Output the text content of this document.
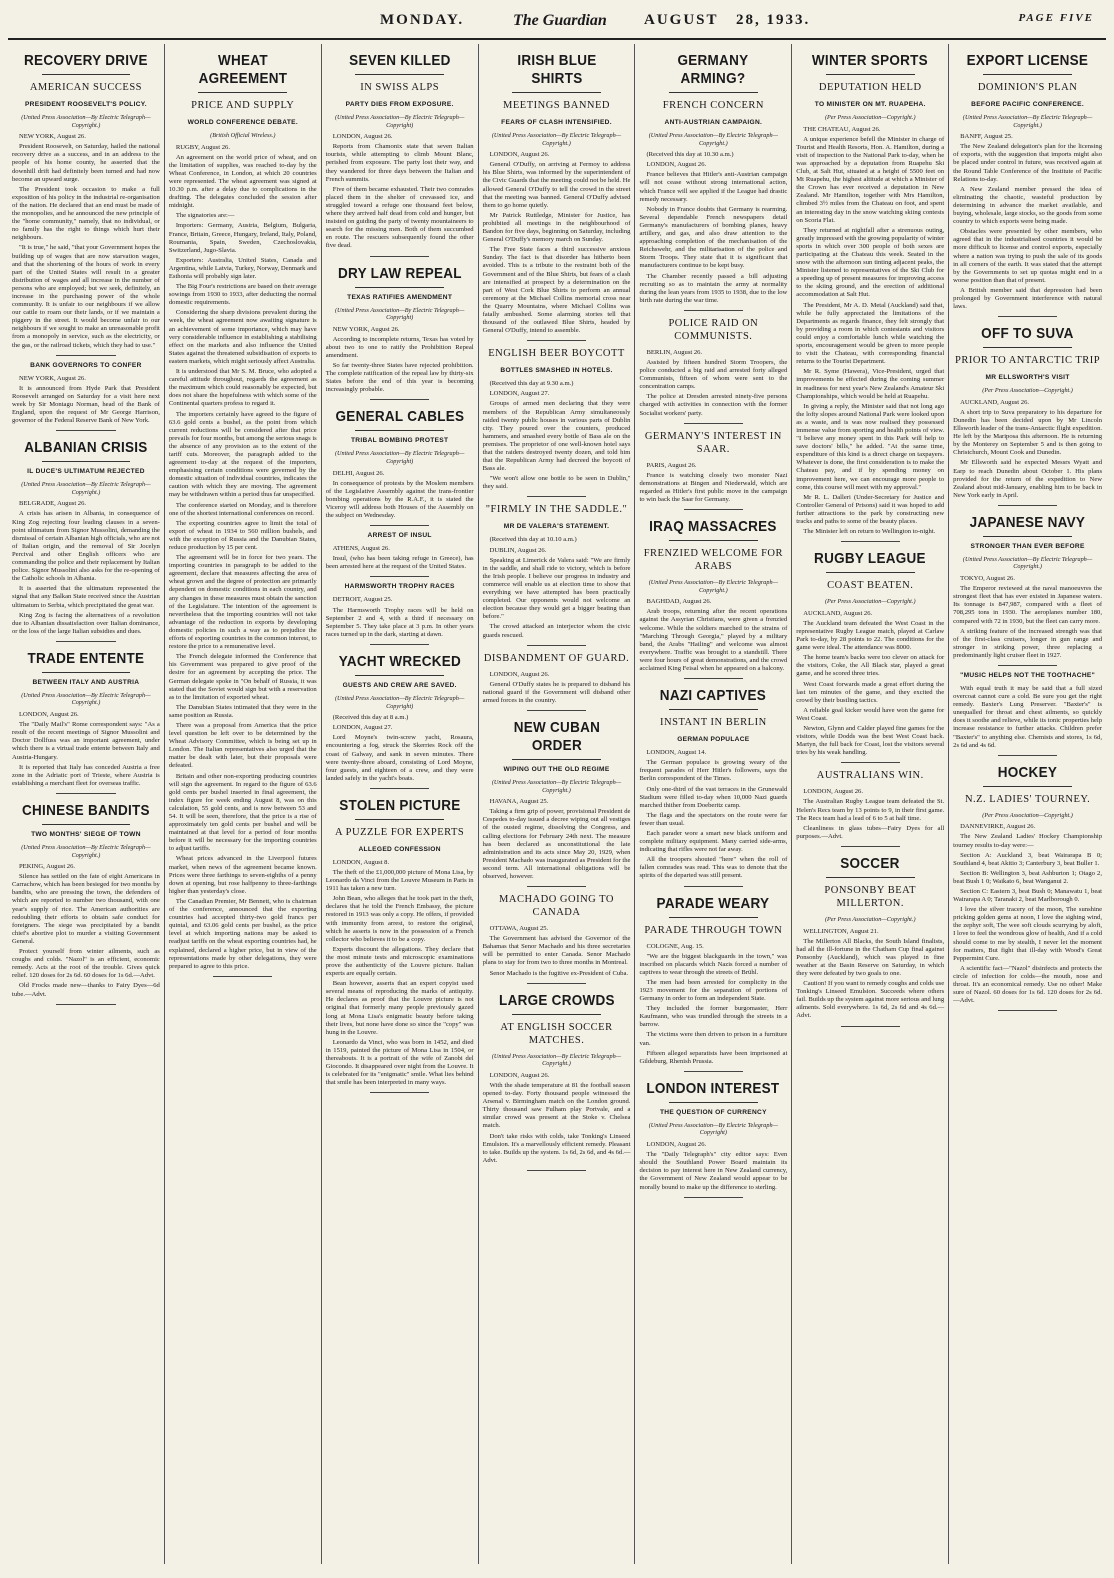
MONDAY.	The Guardian AUGUST 28, 1933.	PAGE FIVE
RECOVERY DRIVE
AMERICAN SUCCESS
PRESIDENT ROOSEVELT'S POLICY.
(United Press Association—By Electric Telegraph—Copyright.)

NEW YORK, August 26.

President Roosevelt, on Saturday, hailed the national recovery drive as a success, and in an address to the people of his home county, he asserted that the downhill drift had definitely been turned and had now become an upward surge.

The President took occasion to make a full exposition of his policy in the industrial re-organisation of the nation. He declared that an end must be made of the monopolies, and he announced the new principle of the "home community," namely, that no individual, or no family has the right to things which hurt their neighbours.

"It is true," he said, "that your Government hopes the building up of wages that are now starvation wages, and that the shortening of the hours of work in every part of the United States will result in a greater distribution of wages and all increase in the number of persons who are employed; but we seek, definitely, an increase in the purchasing power of the whole community. It is unfair to our neighbours if we allow our cattle to roam our their lands, or if we maintain a piggery in the street. It would become unfair to our neighbours if we sought to make an unreasonable profit from a monopoly in service, such as the electricity, or the gas, or the railroad tickets, which they had to use."

BANK GOVERNORS TO CONFER

NEW YORK, August 26.

It is announced from Hyde Park that President Roosevelt arranged on Saturday for a visit here next week by Sir Montagu Norman, head of the Bank of England, upon the request of Mr George Harrison, governor of the Federal Reserve Bank of New York.

ALBANIAN CRISIS
IL DUCE'S ULTIMATUM REJECTED
(United Press Association—By Electric Telegraph—Copyright.)

BELGRADE, August 26.

A crisis has arisen in Albania, in consequence of King Zog rejecting four leading clauses in a seven-point ultimatum from Signor Mussolini, demanding the dismissal of certain Albanian high officials, who are not of Italian origin, and the removal of Sir Jocelyn Percival and other English officers who are commanding the police and their replacement by Italian police. Signor Mussolini also asks for the re-opening of the Catholic schools in Albania.

It is asserted that the ultimatum represented the signal that any Balkan State received since the Austrian ultimatum to Serbia, which precipitated the great war.

King Zog is facing the alternatives of a revolution due to Albanian dissatisfaction over Italian dominance, or the loss of the large Italian subsidies and dues.

TRADE ENTENTE
BETWEEN ITALY AND AUSTRIA
(United Press Association—By Electric Telegraph—Copyright.)

LONDON, August 26.

The "Daily Mail's" Rome correspondent says: "As a result of the recent meetings of Signor Mussolini and Doctor Dollfuss was an important agreement, under which there is a virtual trade entente between Italy and Austria-Hungary.

It is reported that Italy has conceded Austria a free zone in the Adriatic port of Trieste, where Austria is establishing a merchant fleet for overseas traffic.

CHINESE BANDITS
TWO MONTHS' SIEGE OF TOWN
(United Press Association—By Electric Telegraph—Copyright.)

PEKING, August 26.

Silence has settled on the fate of eight Americans in Carrachow, which has been besieged for two months by bandits, who are pressing the town, the defenders of which are reported to number two thousand, with one year's supply of rice. The American authorities are redoubling their efforts to obtain safe conduct for foreigners. The siege was precipitated by a bandit chief's abortive plot to murder a visiting Government General.

Protect yourself from winter ailments, such as coughs and colds. "Nazol" is an efficient, economic remedy. Acts at the root of the trouble. Gives quick relief. 120 doses for 2s 6d. 60 doses for 1s 6d.—Advt.

Old Frocks made new—thanks to Fairy Dyes—6d tube.—Advt.

WHEAT AGREEMENT
PRICE AND SUPPLY
WORLD CONFERENCE DEBATE.
(British Official Wireless.)

RUGBY, August 26.

An agreement on the world price of wheat, and on the limitation of supplies, was reached to-day by the Wheat Conference, in London, at which 20 countries were represented. The wheat agreement was signed at 10.30 p.m. after a delay due to complications in the drafting. The delegates concluded the session after midnight.

The signatories are:—

Importers: Germany, Austria, Belgium, Bulgaria, France, Britain, Greece, Hungary, Ireland, Italy, Poland, Roumania, Spain, Sweden, Czechoslovakia, Switzerland, Jugo-Slavia.

Exporters: Australia, United States, Canada and Argentina, while Latvia, Turkey, Norway, Denmark and Esthonia will probably sign later.

The Big Four's restrictions are based on their average sowings from 1930 to 1933, after deducting the normal domestic requirements.

Considering the sharp divisions prevalent during the week, the wheat agreement now awaiting signature is an achievement of some importance, which may have very considerable influence in establishing a stabilising effect on the markets and also influence the United States against the threatened subsidisation of exports to eastern markets, which might seriously affect Australia.

It is understood that Mr S. M. Bruce, who adopted a careful attitude throughout, regards the agreement as the maximum which could reasonably be expected, but does not share the hopefulness with which some of the Continental quarters profess to regard it.

The importers certainly have agreed to the figure of 63.6 gold cents a bushel, as the point from which current reductions will be considered after that price prevails for four months, but among the serious snags is the absence of any provision as to the extent of the tariff cuts. Moreover, the paragraph added to the agreement to-day at the request of the importers, emphasising certain conditions were governed by the domestic situation of individual countries, indicates the caution with which they are moving. The agreement may be withdrawn within a period thus far unspecified.

The conference started on Monday, and is therefore one of the shortest international conferences on record.

The exporting countries agree to limit the total of export of wheat in 1934 to 560 million bushels, and with the exception of Russia and the Danubian States, reduce production by 15 per cent.

The agreement will be in force for two years. The importing countries in paragraph to be added to the agreement, declare that measures affecting the area of wheat grown and the degree of protection are primarily dependent on domestic conditions in each country, and any changes in these measures must obtain the sanction of the Legislature. The intention of the agreement is nevertheless that the importing countries will not take advantage of the reduction in exports by developing domestic policies in such a way as to prejudice the efforts of exporting countries in the common interest, to restore the price to a remunerative level.

The French delegate informed the Conference that his Government was prepared to give proof of the desire for an agreement by accepting the price. The German delegate spoke in "On behalf of Russia, it was stated that the Soviet would sign but with a reservation as to the limitation of exported wheat.

The Danubian States intimated that they were in the same position as Russia.

There was a proposal from America that the price level question be left over to be determined by the Wheat Advisory Committee, which is being set up in London. The Italian representatives also urged that the matter be dealt with later, but their proposals were defeated.

Britain and other non-exporting producing countries will sign the agreement. In regard to the figure of 63.6 gold cents per bushel inserted in final agreement, the index figure for week ending August 8, was on this calculation, 55 gold cents, and is now between 53 and 54. It will be seen, therefore, that the price is a rise of approximately ten gold cents per bushel and will be maintained at that level for a period of four months before it will be necessary for the importing countries to adjust tariffs.

Wheat prices advanced in the Liverpool futures market, when news of the agreement became known. Prices were three farthings to seven-eighths of a penny down at opening, but rose halfpenny to three-farthings higher than yesterday's close.

The Canadian Premier, Mr Bennett, who is chairman of the conference, announced that the exporting countries had accepted thirty-two gold francs per quintal, and 63.06 gold cents per bushel, as the price level at which importing nations may be asked to readjust tariffs on the wheat exporting countries had, he explained, declared a higher price, but in view of the representations made by other delegations, they were prepared to agree to this price.

SEVEN KILLED
IN SWISS ALPS
PARTY DIES FROM EXPOSURE.
(United Press Association—By Electric Telegraph—Copyright)

LONDON, August 26.

Reports from Chamonix state that seven Italian tourists, while attempting to climb Mount Blanc, perished from exposure. The party lost their way, and they wandered for three days between the Italian and French summits.

Five of them became exhausted. Their two comrades placed them in the shelter of crevassed ice, and struggled toward a refuge one thousand feet below, where they arrived half dead from cold and hunger, but insisted on guiding the party of twenty mountaineers to search for the missing men. Both of them succumbed en route. The rescuers subsequently found the other five dead.

DRY LAW REPEAL
TEXAS RATIFIES AMENDMENT
(United Press Association—By Electric Telegraph—Copyright)

NEW YORK, August 26.

According to incomplete returns, Texas has voted by about two to one to ratify the Prohibition Repeal amendment.

So far twenty-three States have rejected prohibition. The complete ratification of the repeal law by thirty-six States before the end of this year is becoming increasingly probable.

GENERAL CABLES
TRIBAL BOMBING PROTEST
(United Press Association—By Electric Telegraph—Copyright)

DELHI, August 26.

In consequence of protests by the Moslem members of the Legislative Assembly against the trans-frontier bombing operations by the R.A.F., it is stated the Viceroy will address both Houses of the Assembly on the subject on Wednesday.

ARREST OF INSUL

ATHENS, August 26.

Insul, (who has been taking refuge in Greece), has been arrested here at the request of the United States.

HARMSWORTH TROPHY RACES

DETROIT, August 25.

The Harmsworth Trophy races will be held on September 2 and 4, with a third if necessary on September 5. They take place at 3 p.m. In other years races turned up in the dark, starting at dawn.

YACHT WRECKED
GUESTS AND CREW ARE SAVED.
(United Press Association—By Electric Telegraph—Copyright)

(Received this day at 8 a.m.)

LONDON, August 27.

Lord Moyne's twin-screw yacht, Rosaura, encountering a fog, struck the Skerries Rock off the coast of Galway, and sank in seven minutes. There were twenty-three aboard, consisting of Lord Moyne, four guests, and eighteen of a crew, and they were landed safely in the yacht's boats.

STOLEN PICTURE
A PUZZLE FOR EXPERTS
ALLEGED CONFESSION

LONDON, August 8.

The theft of the £1,000,000 picture of Mona Lisa, by Leonardo da Vinci from the Louvre Museum in Paris in 1911 has taken a new turn.

John Bean, who alleges that he took part in the theft, declares that he told the French Embassy, the picture restored in 1913 was only a copy. He offers, if provided with immunity from arrest, to restore the original, which he asserts is now in the possession of a French collector who believes it to be a copy.

Experts discount the allegations. They declare that the most minute tests and microscopic examinations prove the authenticity of the Louvre picture. Italian experts are equally certain.

Bean however, asserts that an expert copyist used several means of reproducing the marks of antiquity. He declares as proof that the Louvre picture is not original that formerly many people previously gazed long at Mona Lisa's enigmatic beauty before taking their lives, but none have done so since the "copy" was hung in the Louvre.

Leonardo da Vinci, who was born in 1452, and died in 1519, painted the picture of Mona Lisa in 1504, or thereabouts. It is a portrait of the wife of Zanobi del Giocondo. It disappeared over night from the Louvre. It is celebrated for its "enigmatic" smile. What lies behind that smile has been interpreted in many ways.

IRISH BLUE SHIRTS
MEETINGS BANNED
FEARS OF CLASH INTENSIFIED.
(United Press Association—By Electric Telegraph—Copyright.)

LONDON, August 26.

General O'Duffy, on arriving at Fermoy to address his Blue Shirts, was informed by the superintendent of the Civic Guards that the meeting could not be held. He allowed General O'Duffy to tell the crowd in the street that the meeting was banned. General O'Duffy advised them to go home quietly.

Mr Patrick Ruttledge, Minister for Justice, has prohibited all meetings in the neighbourhood of Bandon for five days, beginning on Saturday, including General O'Duffy's memory march on Sunday.

The Free State faces a third successive anxious Sunday. The fact is that disorder has hitherto been avoided. This is a tribute to the restraint both of the Government and of the Blue Shirts, but fears of a clash are intensified at prospect by a determination on the part of West Cork Blue Shirts to perform an annual ceremony at the Michael Collins memorial cross near the Quarry Mountains, where Michael Collins was fatally ambushed. Some alarming stories tell that thousand of the outlawed Blue Shirts, headed by General O'Duffy, intend to assemble.

ENGLISH BEER BOYCOTT
BOTTLES SMASHED IN HOTELS.

(Received this day at 9.30 a.m.)

LONDON, August 27.

Groups of armed men declaring that they were members of the Republican Army simultaneously raided twenty public houses in various parts of Dublin city. They poured over the counters, produced hammers, and smashed every bottle of Bass ale on the premises. The proprietor of one well-known hotel says that the raiders destroyed twenty dozen, and told him that the Republican Army had decreed the boycott of Bass ale.

"We won't allow one bottle to be seen in Dublin," they said.

"FIRMLY IN THE SADDLE."
MR DE VALERA'S STATEMENT.

(Received this day at 10.10 a.m.)

DUBLIN, August 26.

Speaking at Limerick de Valera said: "We are firmly in the saddle, and shall ride to victory, which is before the Irish people. I believe our progress in industry and commerce will enable us at election time to show that everything we have attempted has been practically completed. Our opponents would not welcome an election because they would get a bigger beating than before."

The crowd attacked an interjector whom the civic guards rescued.

DISBANDMENT OF GUARD.

LONDON, August 26.

General O'Duffy states he is prepared to disband his national guard if the Government will disband other armed forces in the country.

NEW CUBAN ORDER
WIPING OUT THE OLD REGIME
(United Press Association—By Electric Telegraph—Copyright.)

HAVANA, August 25.

Taking a firm grip of power, provisional President de Cespedes to-day issued a decree wiping out all vestiges of the ousted regime, dissolving the Congress, and calling elections for February 24th next. The measure has been declared as unconstitutional the late administration and its acts since May 20, 1929, when President Machado was inaugurated as President for the second term. All international obligations will be observed, however.

MACHADO GOING TO CANADA

OTTAWA, August 25.

The Government has advised the Governor of the Bahamas that Senor Machado and his three secretaries will be permitted to enter Canada. Senor Machado plans to stay for from two to three months in Montreal.

Senor Machado is the fugitive ex-President of Cuba.

LARGE CROWDS
AT ENGLISH SOCCER MATCHES.
(United Press Association—By Electric Telegraph—Copyright.)

LONDON, August 26.

With the shade temperature at 81 the football season opened to-day. Forty thousand people witnessed the Arsenal v. Birmingham match on the London ground. Thirty thousand saw Fulham play Portvale, and a similar crowd was present at the Stoke v. Chelsea match.

Don't take risks with colds, take Tonking's Linseed Emulsion. It's a marvellously efficient remedy. Pleasant to take. Builds up the system. 1s 6d, 2s 6d, and 4s 6d.—Advt.

GERMANY ARMING?
FRENCH CONCERN
ANTI-AUSTRIAN CAMPAIGN.
(United Press Association—By Electric Telegraph—Copyright.)

(Received this day at 10.30 a.m.)

LONDON, August 26.

France believes that Hitler's anti-Austrian campaign will not cease without strong international action, which France will see applied if the League had drastic remedy necessary.

Nobody in France doubts that Germany is rearming. Several dependable French newspapers detail Germany's manufacturers of bombing planes, heavy artillery, and gas, and also draw attention to the approaching completion of the mechanisation of the Reichswehr, and the militarisation of the police and Storm Troops. They state that it is significant that manufacturers continue to be kept busy.

The Chamber recently passed a bill adjusting recruiting so as to maintain the army at normality during the lean years from 1935 to 1938, due to the low birth rate during the war time.

POLICE RAID ON COMMUNISTS.

BERLIN, August 26.

Assisted by fifteen hundred Storm Troopers, the police conducted a big raid and arrested forty alleged Communists, fifteen of whom were sent to the concentration camps.

The police at Dresden arrested ninety-five persons charged with activities in connection with the former Socialist workers' party.

GERMANY'S INTEREST IN SAAR.

PARIS, August 26.

France is watching closely two monster Nazi demonstrations at Bingen and Niederwald, which are regarded as Hitler's first public move in the campaign to win back the Saar for Germany.

IRAQ MASSACRES
FRENZIED WELCOME FOR ARABS
(United Press Association—By Electric Telegraph—Copyright.)

BAGHDAD, August 26.

Arab troops, returning after the recent operations against the Assyrian Christians, were given a frenzied welcome. While the soldiers marched to the strains of "Marching Through Georgia," played by a military band, the Arabs "Hailing" and welcome was almost everywhere. Traffic was brought to a standstill. There were four hours of great demonstrations, and the crowd acclaimed King Feisal when he appeared on a balcony.

NAZI CAPTIVES
INSTANT IN BERLIN
GERMAN POPULACE

LONDON, August 14.

The German populace is growing weary of the frequent parades of Herr Hitler's followers, says the Berlin correspondent of the Times.

Only one-third of the vast terraces in the Grunewald Stadium were filled to-day when 10,000 Nazi guards marched thither from Doeberitz camp.

The flags and the spectators on the route were far fewer than usual.

Each parader wore a smart new black uniform and complete military equipment. Many carried side-arms, indicating that rifles were not far away.

All the troopers shouted "here" when the roll of fallen comrades was read. This was to denote that the spirits of the departed was still present.

PARADE WEARY
PARADE THROUGH TOWN

COLOGNE, Aug. 15.

"We are the biggest blackguards in the town," was inscribed on placards which Nazis forced a number of captives to wear through the streets of Brühl.

The men had been arrested for complicity in the 1923 movement for the separation of portions of Germany in order to form an independent State.

They included the former burgomaster, Herr Kaufmann, who was trundled through the streets in a barrow.

The victims were then driven to prison in a furniture van.

Fifteen alleged separatists have been imprisoned at Gildeburg, Rhenish Prussia.

LONDON INTEREST
THE QUESTION OF CURRENCY
(United Press Association—By Electric Telegraph—Copyright)

LONDON, August 26.

The "Daily Telegraph's" city editor says: Even should the Southland Power Board maintain its decision to pay interest here in New Zealand currency, the Government of New Zealand would appear to be morally bound to make up the difference to sterling.

WINTER SPORTS
DEPUTATION HELD
TO MINISTER ON MT. RUAPEHA.
(Per Press Association—Copyright.)

THE CHATEAU, August 26.

A unique experience befell the Minister in charge of Tourist and Health Resorts, Hon. A. Hamilton, during a visit of inspection to the National Park to-day, when he was approached by a deputation from Ruapehu Ski Club, at Salt Hut, situated at a height of 5500 feet on Mt Ruapehu, the highest altitude at which a Minister of the Crown has ever received a deputation in New Zealand. Mr Hamilton, together with Mrs Hamilton, climbed 3½ miles from the Chateau on foot, and spent an interesting day in the snow watching skiing contests on Scoria Flat.

They returned at nightfall after a strenuous outing, greatly impressed with the growing popularity of winter sports in which over 300 people of both sexes are participating at the Chateau this week. Seated in the snow with the afternoon sun tinting adjacent peaks, the Minister listened to representatives of the Ski Club for a speeding up of present measures for improving access to the skiing ground, and the erection of additional accommodation at Salt Hut.

The President, Mr A. D. Metal (Auckland) said that, while he fully appreciated the limitations of the Departments as regards finance, they felt strongly that by providing a room in which contestants and visitors could enjoy a comfortable lunch while watching the sports, encouragement would be given to more people to visit the Chateau, with corresponding financial returns to the Tourist Department.

Mr R. Syme (Hawera), Vice-President, urged that improvements be effected during the coming summer in readiness for next year's New Zealand's Amateur Ski Championships, which would be held at Ruapehu.

In giving a reply, the Minister said that not long ago the lofty slopes around National Park were looked upon as a waste, and is was now realised they possessed immense value from sporting and health points of view. "I believe any money spent in this Park will help to save doctors' bills," he added. "At the same time, expenditure of this kind is a direct charge on taxpayers. Whatever is done, the first consideration is to make the Chateau pay, and if by spending money on improvement here, we can encourage more people to come, this course will meet with my approval."

Mr R. L. Dalleri (Under-Secretary for Justice and Controller General of Prisons) said it was hoped to add further attractions to the park by constructing new tracks and paths to some of the beauty places.

The Minister left on return to Wellington to-night.

RUGBY LEAGUE
COAST BEATEN.
(Per Press Association—Copyright.)

AUCKLAND, August 26.

The Auckland team defeated the West Coast in the representative Rugby League match, played at Carlaw Park to-day, by 28 points to 22. The conditions for the game were ideal. The attendance was 8000.

The home team's backs were too clever on attack for the visitors, Coke, the All Black star, played a great game, and he scored three tries.

West Coast forwards made a great effort during the last ten minutes of the game, and they excited the crowd by their bustling tactics.

A reliable goal kicker would have won the game for West Coast.

Newton, Glynn and Calder played fine games for the visitors, while Dodds was the best West Coast back. Martyn, the full back for Coast, lost the visitors several tries by his weak handling.

AUSTRALIANS WIN.

LONDON, August 26.

The Australian Rugby League team defeated the St. Helen's Recs team by 13 points to 9, in their first game. The Recs team had a lead of 6 to 5 at half time.

Cleanliness in glass tubes—Fairy Dyes for all purposes.—Advt.

SOCCER
PONSONBY BEAT MILLERTON.
(Per Press Association—Copyright.)

WELLINGTON, August 21.

The Millerton All Blacks, the South Island finalists, had all the ill-fortune in the Chatham Cup final against Ponsonby (Auckland), which was played in fine weather at the Basin Reserve on Saturday, in which they were defeated by two goals to one.

Caution! If you want to remedy coughs and colds use Tonking's Linseed Emulsion. Succeeds where others fail. Builds up the system against more serious and lung ailments. Sold everywhere. 1s 6d, 2s 6d and 4s 6d.—Advt.

EXPORT LICENSE
DOMINION'S PLAN
BEFORE PACIFIC CONFERENCE.
(United Press Association—By Electric Telegraph—Copyright.)

BANFF, August 25.

The New Zealand delegation's plan for the licensing of exports, with the suggestion that imports might also be placed under control in future, was received again at the Round Table Conference of the Institute of Pacific Relations to-day.

A New Zealand member pressed the idea of eliminating the chaotic, wasteful production by determining in advance the market available, and buying, wholesale, large stocks, so the goods from some country to which exports were being made.

Obstacles were presented by other members, who agreed that in the industrialised countries it would be more difficult to license and control exports, especially where a nation was trying to push the sale of its goods in all corners of the earth. It was stated that the attempt by the Governments to set up quotas might end in a worse position than that of present.

A British member said that depression had been prolonged by Government interference with natural laws.

OFF TO SUVA
PRIOR TO ANTARCTIC TRIP
MR ELLSWORTH'S VISIT
(Per Press Association—Copyright.)

AUCKLAND, August 26.

A short trip to Suva preparatory to his departure for Dunedin has been decided upon by Mr Lincoln Ellsworth leader of the trans-Antarctic flight expedition. He left by the Mariposa this afternoon. He is returning by the Monterey on September 5 and is then going to Christchurch, Mount Cook and Dunedin.

Mr Ellsworth said he expected Messrs Wyatt and Earp to reach Dunedin about October 1. His plans provided for the return of the expedition to New Zealand about mid-January, enabling him to be back in New York early in April.

JAPANESE NAVY
STRONGER THAN EVER BEFORE
(United Press Association—By Electric Telegraph—Copyright.)

TOKYO, August 26.

The Emperor reviewed at the naval manoeuvres the strongest fleet that has ever existed in Japanese waters. Its tonnage is 847,987, compared with a fleet of 708,295 tons in 1930. The aeroplanes number 180, compared with 72 in 1930, but the fleet can carry more.

A striking feature of the increased strength was that of the first-class cruisers, longer in gun range and stronger in striking power, three replacing a predominantly light cruiser fleet in 1927.

"MUSIC HELPS NOT THE TOOTHACHE"

With equal truth it may be said that a full sized overcoat cannot cure a cold. Be sure you get the right remedy. Baxter's Lung Preserver. "Baxter's" is unequalled for throat and chest ailments, so quickly does it soothe and relieve, while its tonic properties help increase resistance to further attacks. Children prefer "Baxter's" to anything else. Chemists and stores, 1s 6d, 2s 6d and 4s 6d.

HOCKEY
N.Z. LADIES' TOURNEY.
(Per Press Association—Copyright.)

DANNEVIRKE, August 26.

The New Zealand Ladies' Hockey Championship tourney results to-day were:—

Section A: Auckland 3, beat Wairarapa B 0; Southland 4, beat Akitio 3; Canterbury 3, beat Buller 1.

Section B: Wellington 3, beat Ashburton 1; Otago 2, beat Bush 1 0; Waikato 6, beat Wanganui 2.

Section C: Eastern 3, beat Bush 0; Manawatu 1, beat Wairarapa A 0; Taranaki 2, beat Marlborough 0.

I love the silver tracery of the moon, The sunshine pricking golden gems at noon, I love the sighing wind, the zephyr soft, The wee soft clouds scurrying by aloft, I love to feel the wondrous glow of health, And if a cold should come to me by stealth, I never let the moment for matters, But fight that ill-day with Wood's Great Peppermint Cure.

A scientific fact—"Nazol" disinfects and protects the circle of infection for colds—the mouth, nose and throat. It's an economical remedy. Use no other! Make sure of Nazol. 60 doses for 1s 6d. 120 doses for 2s 6d.—Advt.
